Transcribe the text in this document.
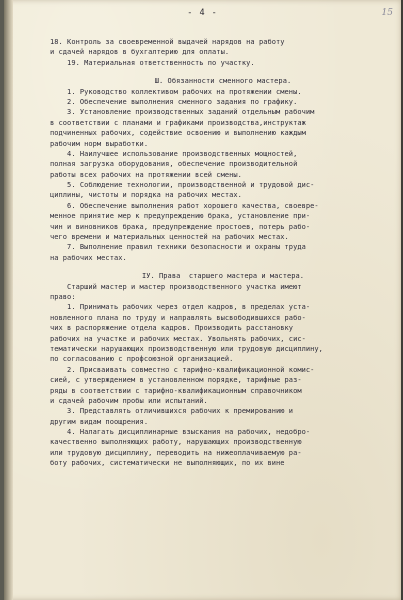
- 4 -	15
18. Контроль за своевременной выдачей нарядов на работу
и сдачей нарядов в бухгалтерию для оплаты.
19. Материальная ответственность по участку.
Ш. Обязанности сменного мастера.
1. Руководство коллективом рабочих на протяжении смены.
2. Обеспечение выполнения сменного задания по графику.
3. Установление производственных заданий отдельным рабочим
в соответствии с планами и графиками производства,инструктаж
подчиненных рабочих, содействие освоению и выполнению каждым
рабочим норм выработки.
4. Наилучшее использование производственных мощностей,
полная загрузка оборудования, обеспечение производительной
работы всех рабочих на протяжении всей смены.
5. Соблюдение технологии, производственной и трудовой дис-
циплины, чистоты и порядка на рабочих местах.
6. Обеспечение выполнения работ хорошего качества, своевре-
менное принятие мер к предупреждению брака, установление при-
чин и виновников брака, предупреждение простоев, потерь рабо-
чего времени и материальных ценностей на рабочих местах.
7. Выполнение правил техники безопасности и охраны труда
на рабочих местах.
IУ. Права  старшего мастера и мастера.
Старший мастер и мастер производственного участка имеют
право:
1. Принимать рабочих через отдел кадров, в пределах уста-
новленного плана по труду и направлять высвободившихся рабо-
чих в распоряжение отдела кадров. Производить расстановку
рабочих на участке и рабочих местах. Увольнять рабочих, сис-
тематически нарушающих производственную или трудовую дисциплину,
по согласованию с профсоюзной организацией.
2. Присваивать совместно с тарифно-квалификационной комис-
сией, с утверждением в установленном порядке, тарифные раз-
ряды в соответствии с тарифно-квалификационным справочником
и сдачей рабочим пробы или испытаний.
3. Представлять отличившихся рабочих к премированию и
другим видам поощрения.
4. Налагать дисциплинарные взыскания на рабочих, недобро-
качественно выполняющих работу, нарушающих производственную
или трудовую дисциплину, переводить на нижеоплачиваемую ра-
боту рабочих, систематически не выполняющих, по их вине
